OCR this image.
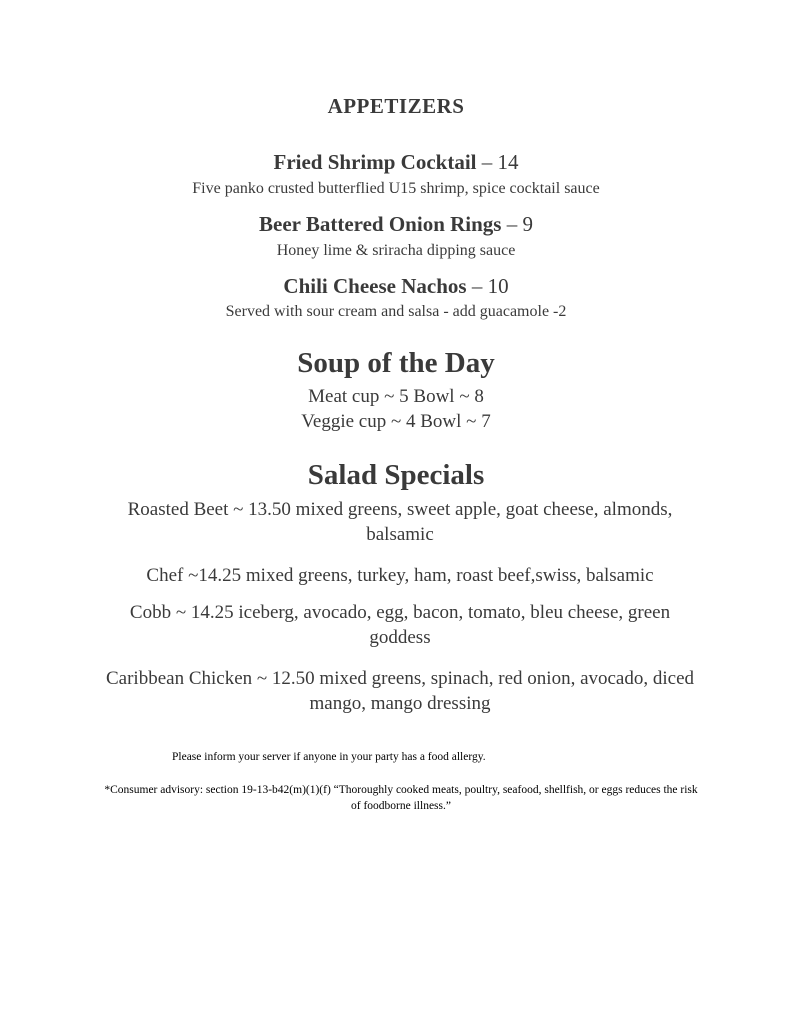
APPETIZERS
Fried Shrimp Cocktail – 14
Five panko crusted butterflied U15 shrimp, spice cocktail sauce
Beer Battered Onion Rings – 9
Honey lime & sriracha dipping sauce
Chili Cheese Nachos – 10
Served with sour cream and salsa - add guacamole -2
Soup of the Day
Meat cup ~ 5 Bowl ~ 8
Veggie cup ~ 4 Bowl ~ 7
Salad Specials
Roasted Beet ~ 13.50 mixed greens, sweet apple, goat cheese, almonds, balsamic
Chef ~14.25 mixed greens, turkey, ham, roast beef,swiss, balsamic
Cobb ~ 14.25 iceberg, avocado, egg, bacon, tomato, bleu cheese, green goddess
Caribbean Chicken ~ 12.50 mixed greens, spinach, red onion, avocado, diced mango, mango dressing
Please inform your server if anyone in your party has a food allergy.
*Consumer advisory: section 19-13-b42(m)(1)(f) “Thoroughly cooked meats, poultry, seafood, shellfish, or eggs reduces the risk of foodborne illness.”
